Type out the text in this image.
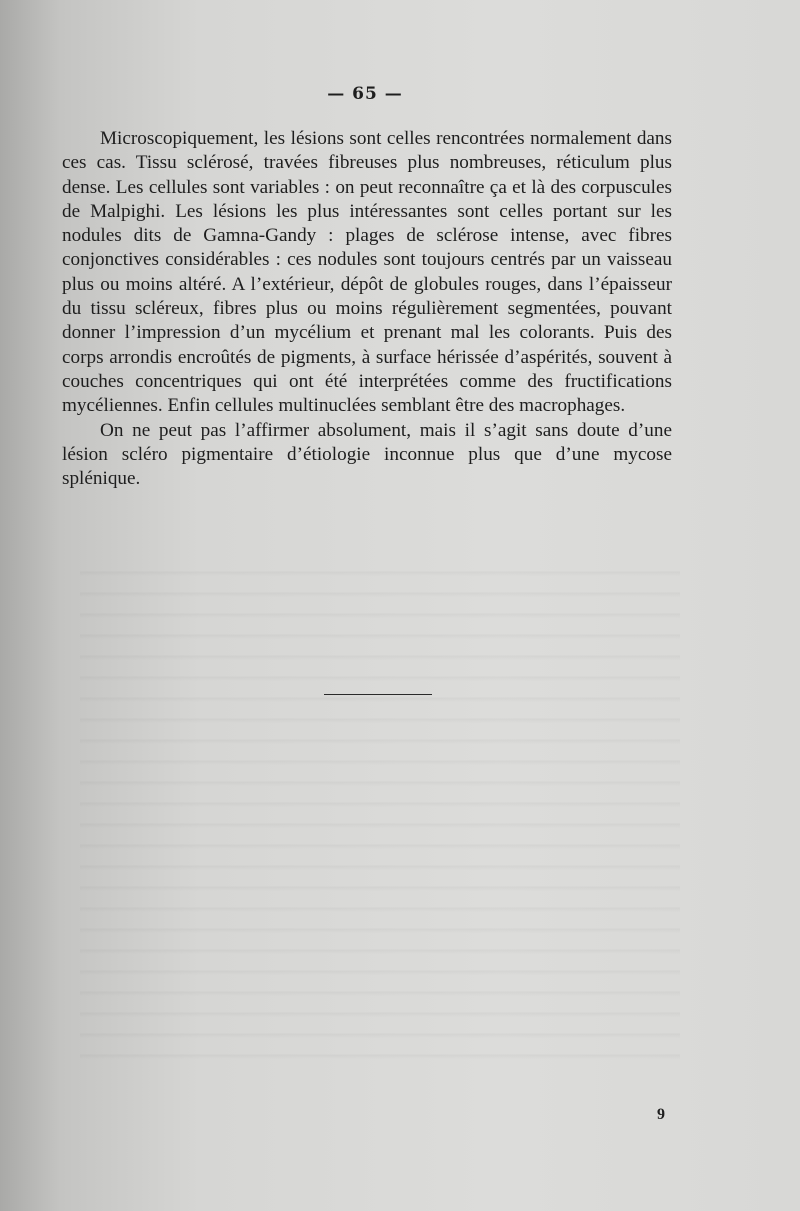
— 65 —

Microscopiquement, les lésions sont celles rencontrées normalement dans ces cas. Tissu sclérosé, travées fibreuses plus nombreuses, réticulum plus dense. Les cellules sont variables : on peut reconnaître ça et là des corpuscules de Malpighi. Les lésions les plus intéressantes sont celles portant sur les nodules dits de Gamna-Gandy : plages de sclérose intense, avec fibres conjonctives considérables : ces nodules sont toujours centrés par un vaisseau plus ou moins altéré. A l’extérieur, dépôt de globules rouges, dans l’épaisseur du tissu scléreux, fibres plus ou moins régulièrement segmentées, pouvant donner l’impression d’un mycélium et prenant mal les colorants. Puis des corps arrondis encroûtés de pigments, à surface hérissée d’aspérités, souvent à couches concentriques qui ont été interprétées comme des fructifications mycéliennes. Enfin cellules multinuclées semblant être des macrophages.

On ne peut pas l’affirmer absolument, mais il s’agit sans doute d’une lésion scléro pigmentaire d’étiologie inconnue plus que d’une mycose splénique.

9
